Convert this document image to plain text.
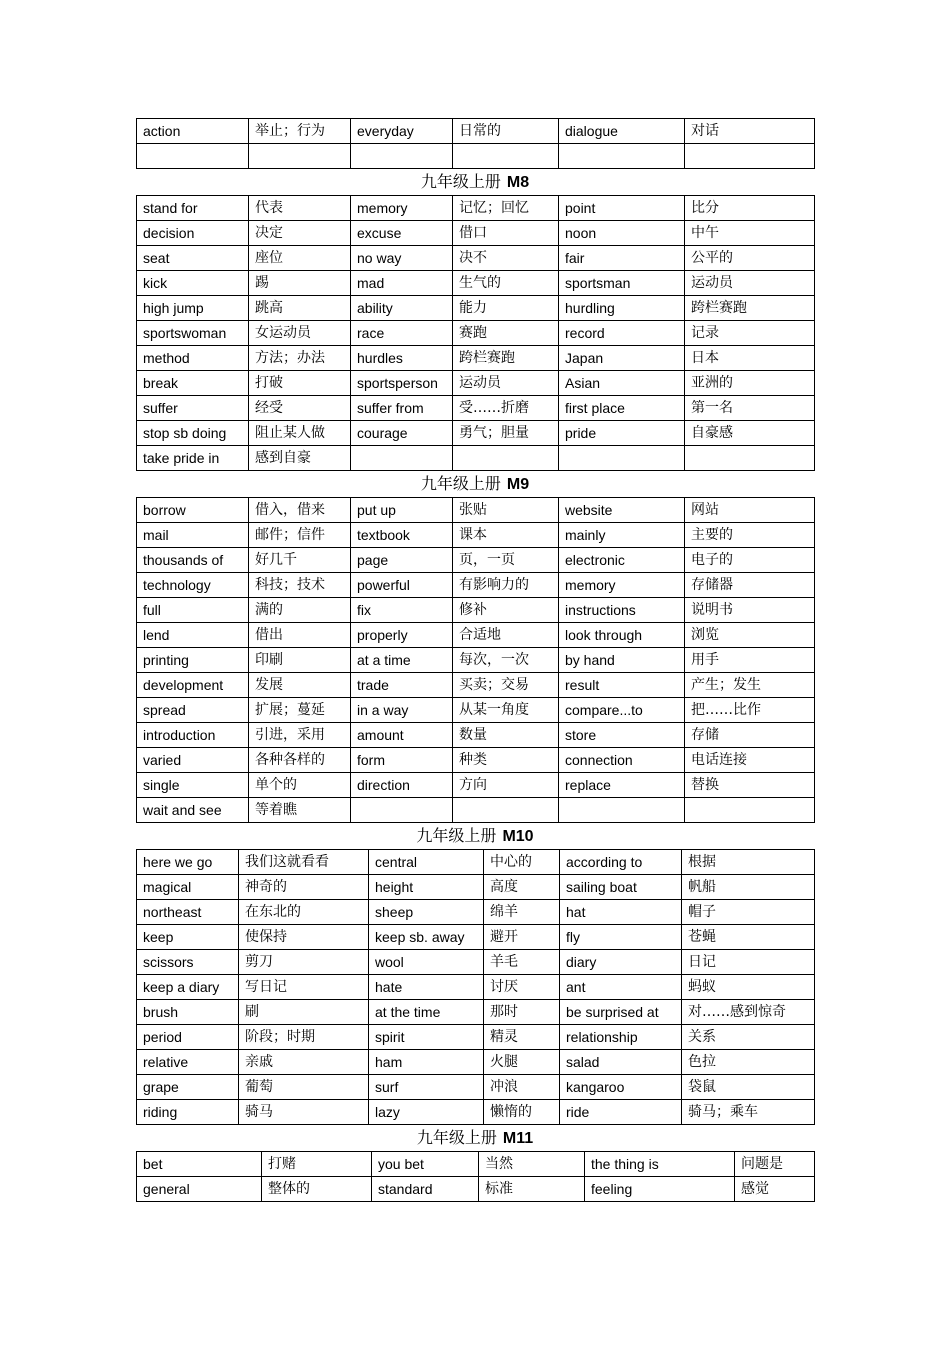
action	举止；行为	everyday	日常的	dialogue	对话

九年级上册 M8
stand for	代表	memory	记忆；回忆	point	比分
decision	决定	excuse	借口	noon	中午
seat	座位	no way	决不	fair	公平的
kick	踢	mad	生气的	sportsman	运动员
high jump	跳高	ability	能力	hurdling	跨栏赛跑
sportswoman	女运动员	race	赛跑	record	记录
method	方法；办法	hurdles	跨栏赛跑	Japan	日本
break	打破	sportsperson	运动员	Asian	亚洲的
suffer	经受	suffer from	受……折磨	first place	第一名
stop sb doing	阻止某人做	courage	勇气；胆量	pride	自豪感
take pride in	感到自豪				
九年级上册 M9
borrow	借入，借来	put up	张贴	website	网站
mail	邮件；信件	textbook	课本	mainly	主要的
thousands of	好几千	page	页，一页	electronic	电子的
technology	科技；技术	powerful	有影响力的	memory	存储器
full	满的	fix	修补	instructions	说明书
lend	借出	properly	合适地	look through	浏览
printing	印刷	at a time	每次，一次	by hand	用手
development	发展	trade	买卖；交易	result	产生；发生
spread	扩展；蔓延	in a way	从某一角度	compare...to	把……比作
introduction	引进，采用	amount	数量	store	存储
varied	各种各样的	form	种类	connection	电话连接
single	单个的	direction	方向	replace	替换
wait and see	等着瞧				
九年级上册 M10
here we go	我们这就看看	central	中心的	according to	根据
magical	神奇的	height	高度	sailing boat	帆船
northeast	在东北的	sheep	绵羊	hat	帽子
keep	使保持	keep sb. away	避开	fly	苍蝇
scissors	剪刀	wool	羊毛	diary	日记
keep a diary	写日记	hate	讨厌	ant	蚂蚁
brush	刷	at the time	那时	be surprised at	对……感到惊奇
period	阶段；时期	spirit	精灵	relationship	关系
relative	亲戚	ham	火腿	salad	色拉
grape	葡萄	surf	冲浪	kangaroo	袋鼠
riding	骑马	lazy	懒惰的	ride	骑马；乘车
九年级上册 M11
bet	打赌	you bet	当然	the thing is	问题是
general	整体的	standard	标准	feeling	感觉
